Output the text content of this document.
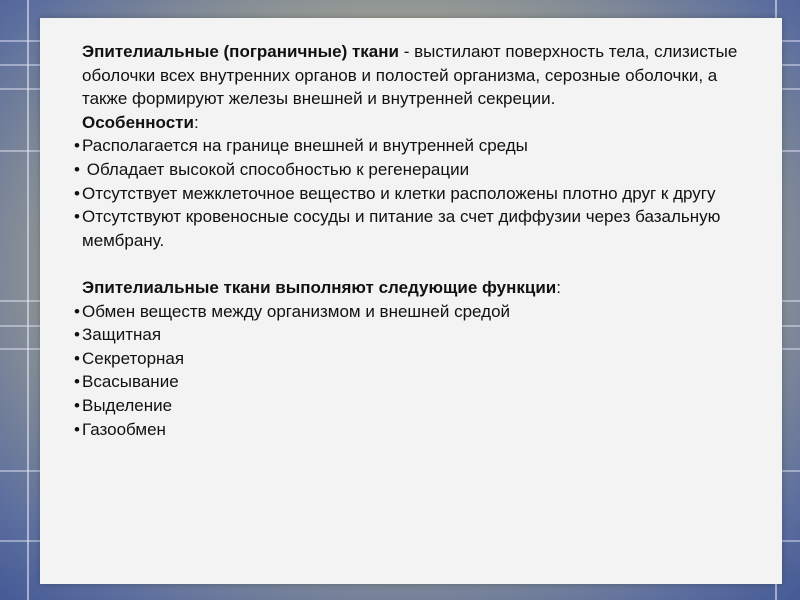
Эпителиальные (пограничные) ткани - выстилают поверхность тела, слизистые оболочки всех внутренних органов и полостей организма, серозные оболочки, а также формируют железы внешней и внутренней секреции.

Особенности:

• Располагается на границе внешней и внутренней среды

• Обладает высокой способностью к регенерации

• Отсутствует межклеточное вещество и клетки расположены плотно друг к другу

• Отсутствуют кровеносные сосуды и питание за счет диффузии через базальную мембрану.

Эпителиальные ткани выполняют следующие функции:

• Обмен веществ между организмом и внешней средой

• Защитная

• Секреторная

• Всасывание

• Выделение

• Газообмен
